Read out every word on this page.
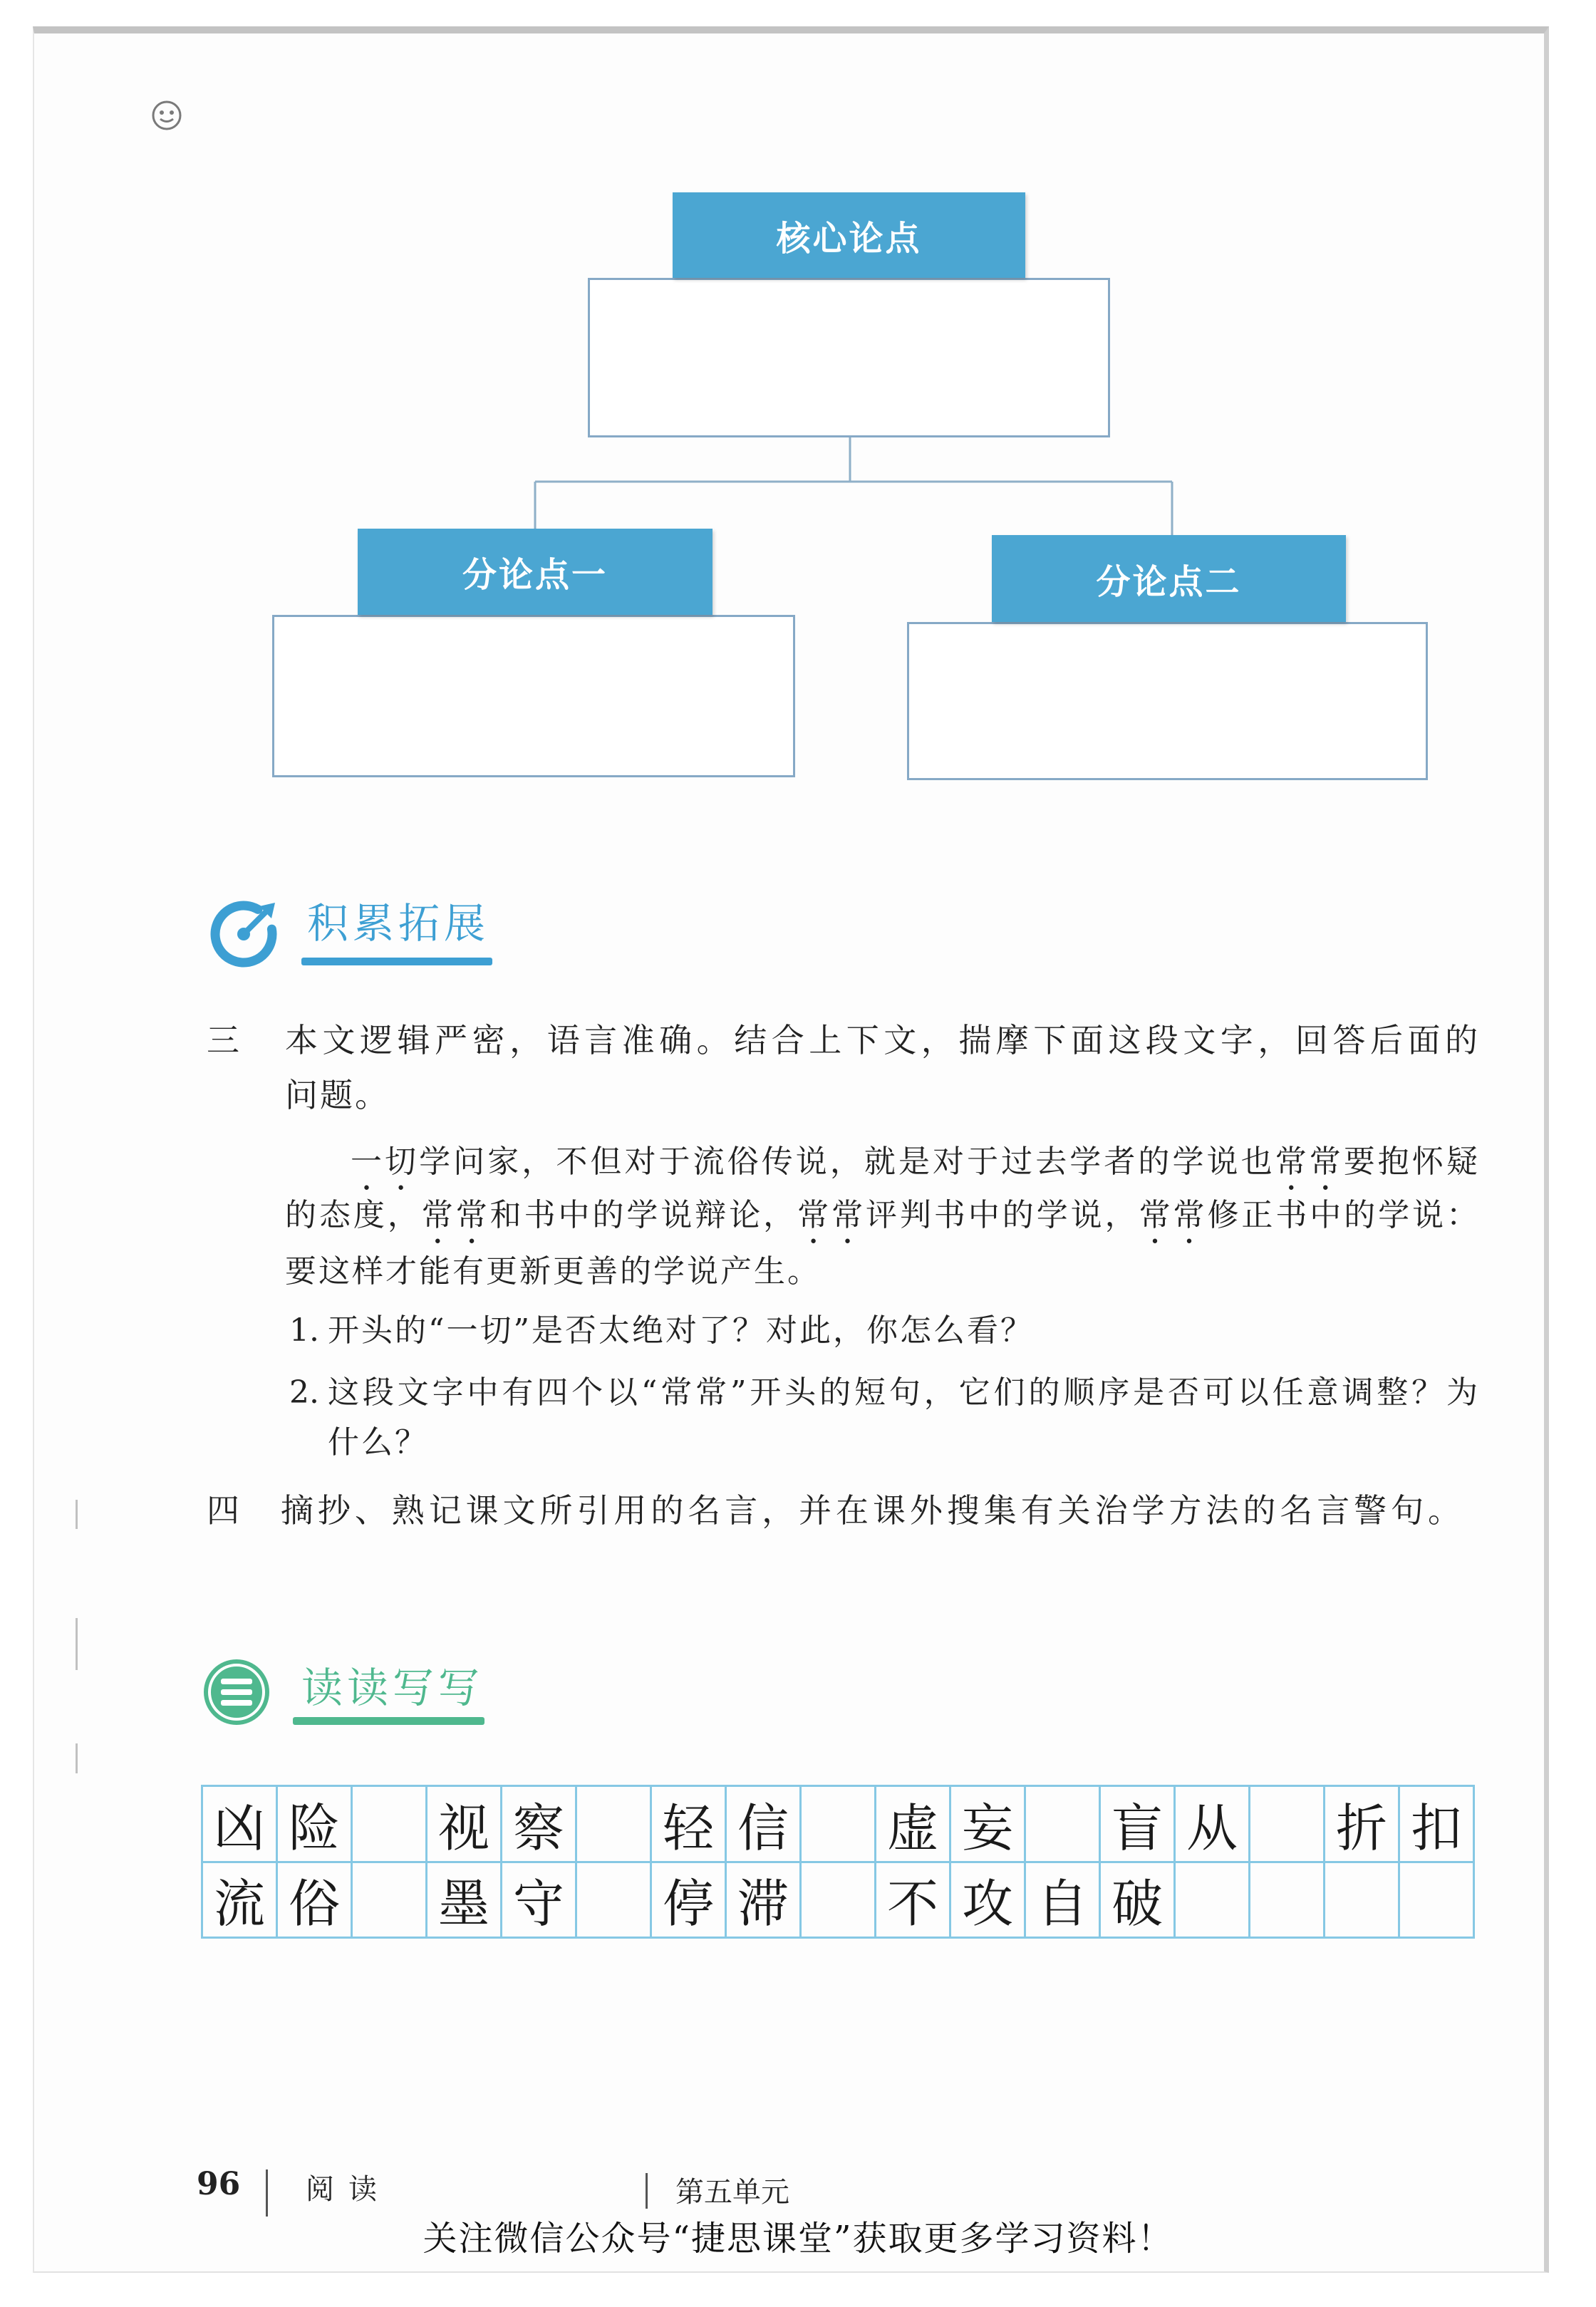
核心论点
分论点一	分论点二
积累拓展
三 本文逻辑严密，语言准确。结合上下文，揣摩下面这段文字，回答后面的
问题。
一切学问家，不但对于流俗传说，就是对于过去学者的学说也常常要抱怀疑
的态度，常常和书中的学说辩论，常常评判书中的学说，常常修正书中的学说：
要这样才能有更新更善的学说产生。
1. 开头的“一切”是否太绝对了？对此，你怎么看？
2. 这段文字中有四个以“常常”开头的短句，它们的顺序是否可以任意调整？为
什么？
四 摘抄、熟记课文所引用的名言，并在课外搜集有关治学方法的名言警句。
读读写写
凶 险 视 察 轻 信 虚 妄 盲 从 折 扣
流 俗 墨 守 停 滞 不 攻 自 破
96 阅读	第五单元
关注微信公众号“捷思课堂”获取更多学习资料！
